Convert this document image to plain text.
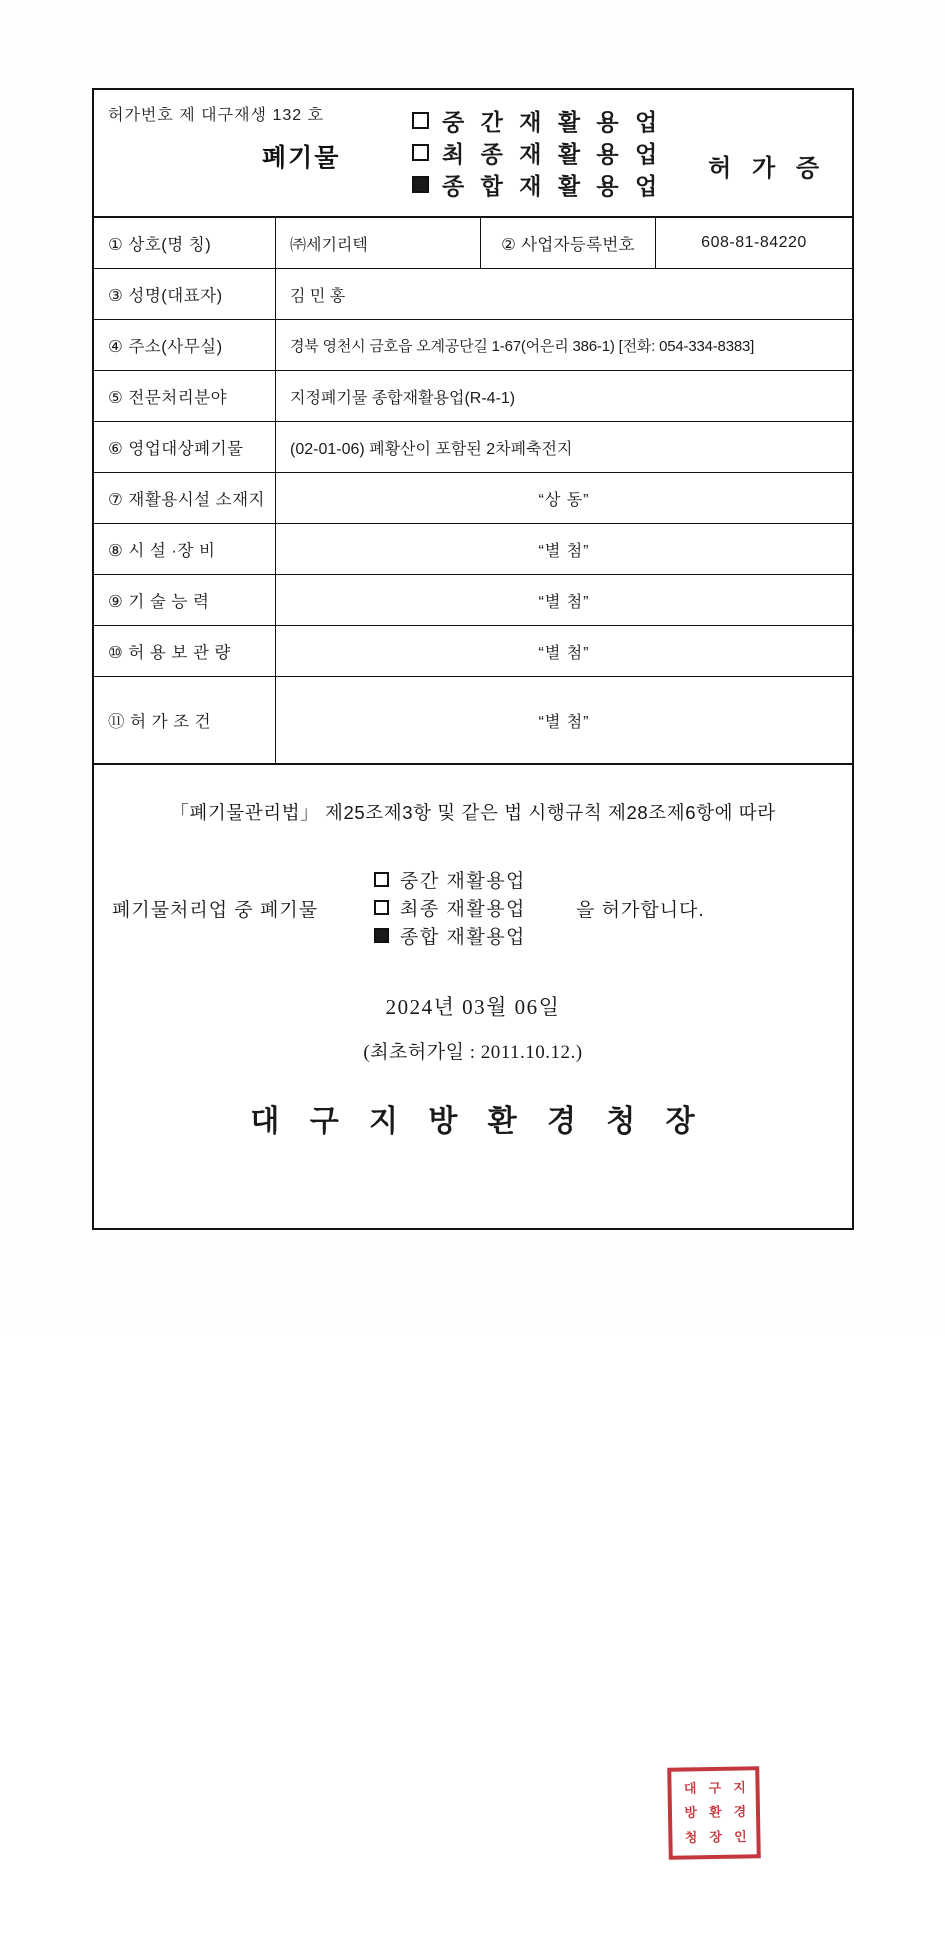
허가번호 제 대구재생 132 호
폐기물
중 간 재 활 용 업
최 종 재 활 용 업
종 합 재 활 용 업
허 가 증
① 상호(명 칭)	㈜세기리텍	② 사업자등록번호	608-81-84220
③ 성명(대표자)	김 민 홍
④ 주소(사무실)	경북 영천시 금호읍 오계공단길 1-67(어은리 386-1) [전화: 054-334-8383]
⑤ 전문처리분야	지정폐기물 종합재활용업(R-4-1)
⑥ 영업대상폐기물	(02-01-06) 폐황산이 포함된 2차폐축전지
⑦ 재활용시설 소재지	“상 동”
⑧ 시 설 ·장 비	“별 첨”
⑨ 기 술 능 력	“별 첨”
⑩ 허 용 보 관 량	“별 첨”
⑪ 허 가 조 건	“별 첨”
「폐기물관리법」 제25조제3항 및 같은 법 시행규칙 제28조제6항에 따라
폐기물처리업 중 폐기물
중간 재활용업
최종 재활용업
종합 재활용업
을 허가합니다.
2024년 03월 06일
(최초허가일 : 2011.10.12.)
대 구 지 방 환 경 청 장
대 구 지
방 환 경
청 장 인
